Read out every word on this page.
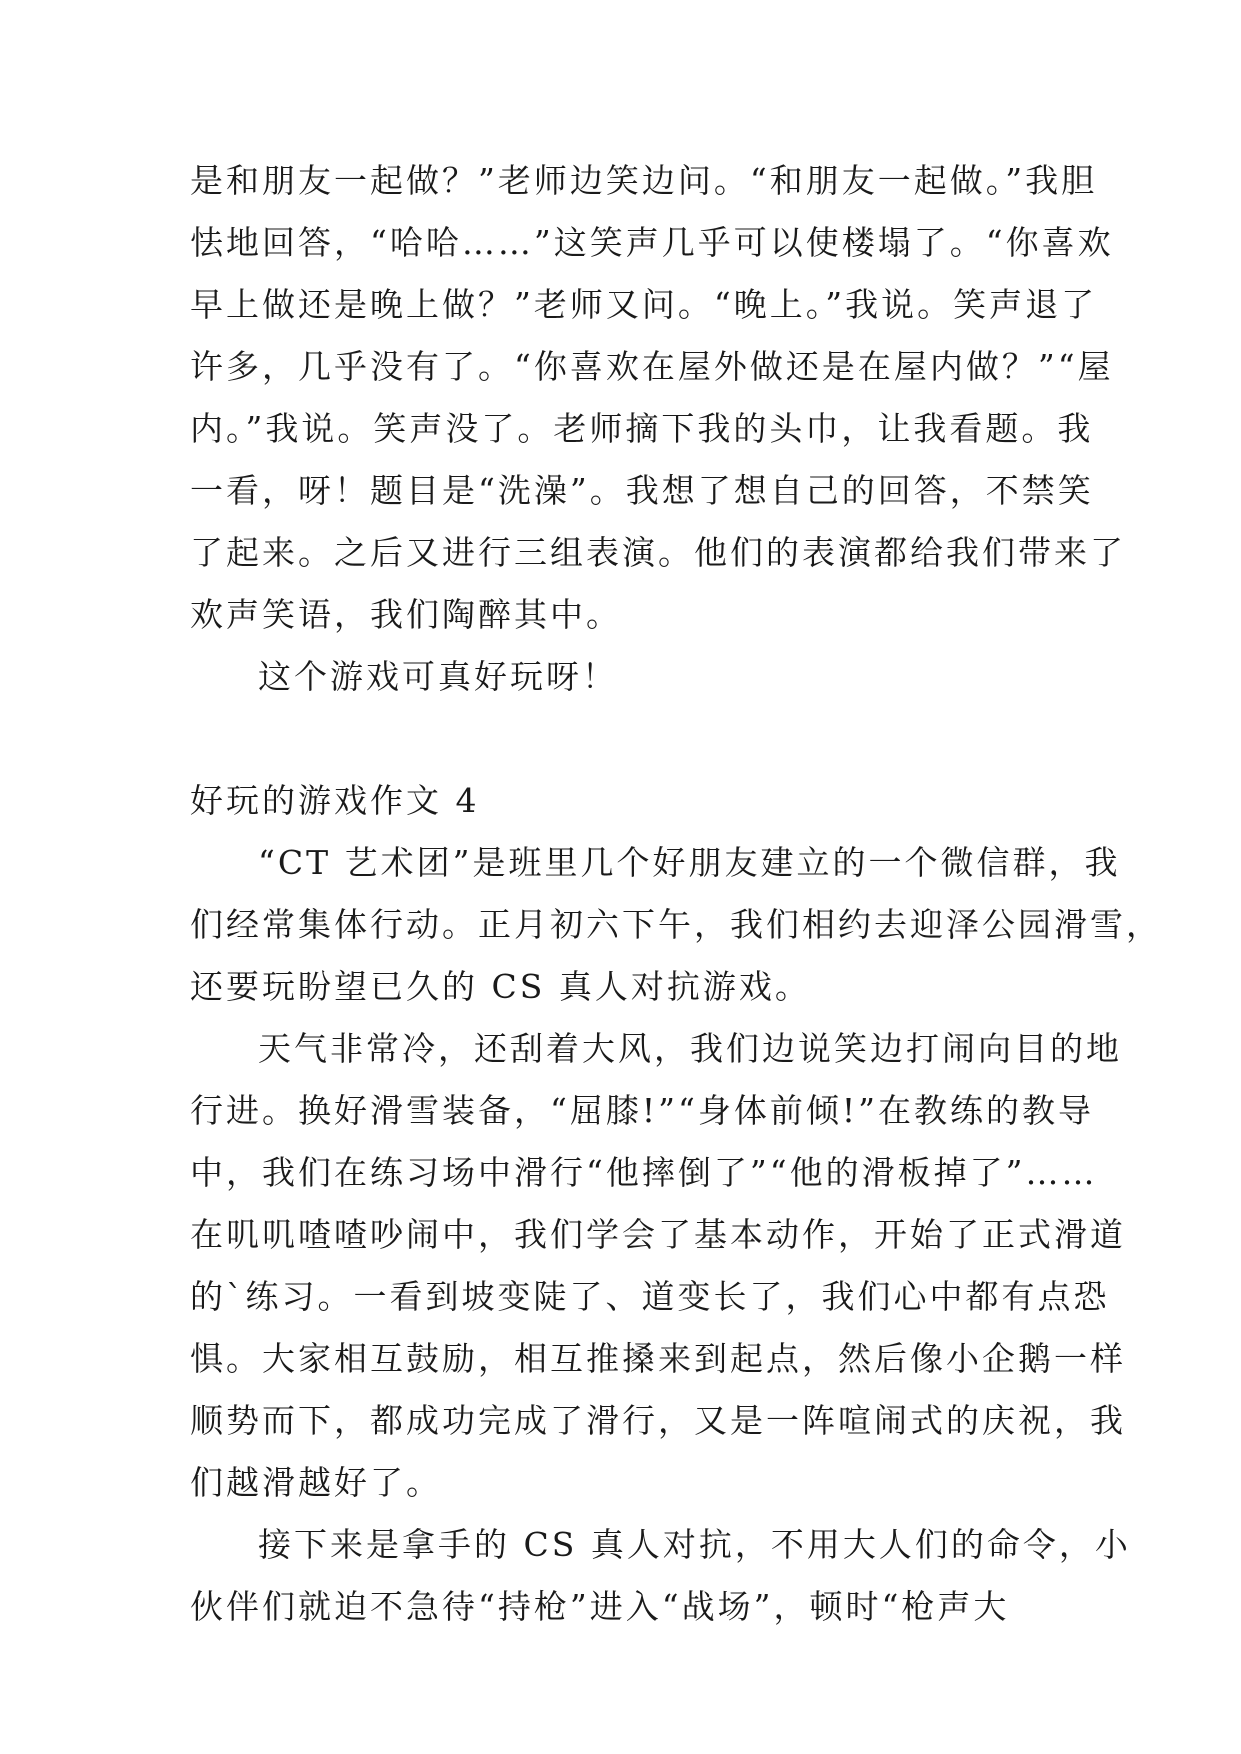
是和朋友一起做？”老师边笑边问。“和朋友一起做。”我胆
怯地回答，“哈哈……”这笑声几乎可以使楼塌了。“你喜欢
早上做还是晚上做？”老师又问。“晚上。”我说。笑声退了
许多，几乎没有了。“你喜欢在屋外做还是在屋内做？”“屋
内。”我说。笑声没了。老师摘下我的头巾，让我看题。我
一看，呀！题目是“洗澡”。我想了想自己的回答，不禁笑
了起来。之后又进行三组表演。他们的表演都给我们带来了
欢声笑语，我们陶醉其中。
这个游戏可真好玩呀！
好玩的游戏作文 4
“CT 艺术团”是班里几个好朋友建立的一个微信群，我
们经常集体行动。正月初六下午，我们相约去迎泽公园滑雪，
还要玩盼望已久的 CS 真人对抗游戏。
天气非常冷，还刮着大风，我们边说笑边打闹向目的地
行进。换好滑雪装备，“屈膝!”“身体前倾!”在教练的教导
中，我们在练习场中滑行“他摔倒了”“他的滑板掉了”……
在叽叽喳喳吵闹中，我们学会了基本动作，开始了正式滑道
的`练习。一看到坡变陡了、道变长了，我们心中都有点恐
惧。大家相互鼓励，相互推搡来到起点，然后像小企鹅一样
顺势而下，都成功完成了滑行，又是一阵喧闹式的庆祝，我
们越滑越好了。
接下来是拿手的 CS 真人对抗，不用大人们的命令，小
伙伴们就迫不急待“持枪”进入“战场”，顿时“枪声大
